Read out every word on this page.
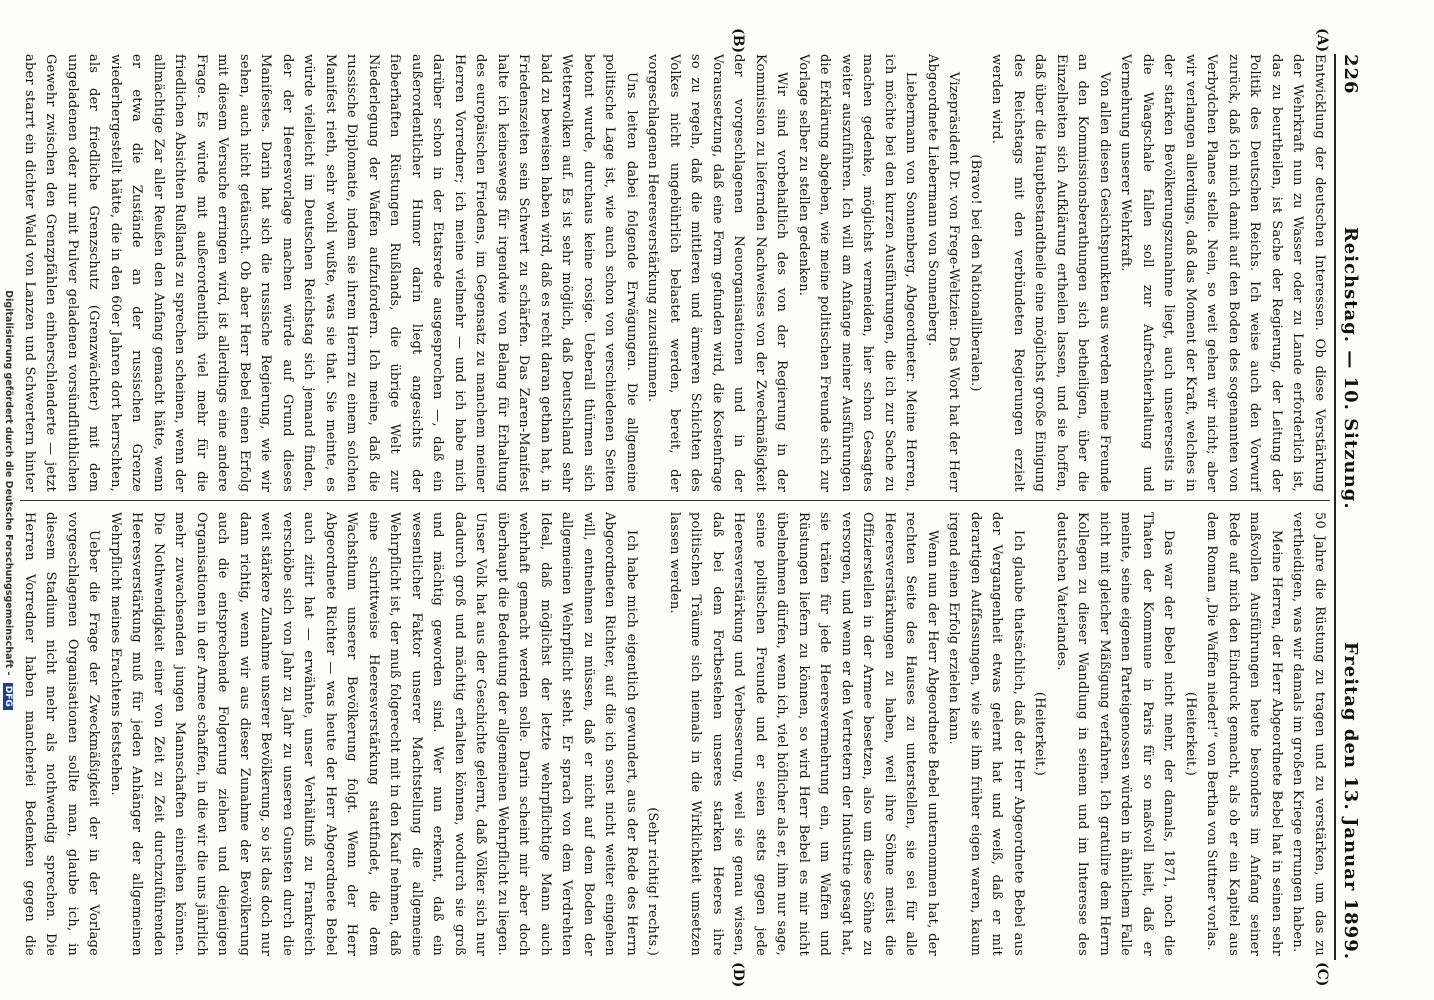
226
Reichstag. — 10. Sitzung.
Freitag den 13. Januar 1899.
(A)
(B)
(C)
(D)

Entwicklung der deutschen Interessen. Ob diese Verstärkung der Wehrkraft nun zu Wasser oder zu Lande erforderlich ist, das zu beurtheilen, ist Sache der Regierung, der Leitung der Politik des Deutschen Reichs. Ich weise auch den Vorwurf zurück, daß ich mich damit auf den Boden des sogenannten von Verbydchen Planes stelle. Nein, so weit gehen wir nicht; aber wir verlangen allerdings, daß das Moment der Kraft, welches in der starken Bevölkerungszunahme liegt, auch unsererseits in die Waagschale fallen soll zur Aufrechterhaltung und Vermehrung unserer Wehrkraft.

Von allen diesen Gesichtspunkten aus werden meine Freunde an den Kommissionsberathungen sich betheiligen, über die Einzelheiten sich Aufklärung ertheilen lassen, und sie hoffen, daß über die Hauptbestandtheile eine möglichst große Einigung des Reichstags mit den verbündeten Regierungen erzielt werden wird.

(Bravo! bei den Nationalliberalen.)

Vizepräsident Dr. von Frege-Weltzien: Das Wort hat der Herr Abgeordnete Liebermann von Sonnenberg.

Liebermann von Sonnenberg, Abgeordneter: Meine Herren, ich möchte bei den kurzen Ausführungen, die ich zur Sache zu machen gedenke, möglichst vermeiden, hier schon Gesagtes weiter auszuführen. Ich will am Anfange meiner Ausführungen die Erklärung abgeben, wie meine politischen Freunde sich zur Vorlage selber zu stellen gedenken.

Wir sind vorbehaltlich des von der Regierung in der Kommission zu liefernden Nachweises von der Zweckmäßigkeit der vorgeschlagenen Neuorganisationen und in der Voraussetzung, daß eine Form gefunden wird, die Kostenfrage so zu regeln, daß die mittleren und ärmeren Schichten des Volkes nicht ungebührlich belastet werden, bereit, der vorgeschlagenen Heeresverstärkung zuzustimmen.

Uns leiten dabei folgende Erwägungen. Die allgemeine politische Lage ist, wie auch schon von verschiedenen Seiten betont wurde, durchaus keine rosige. Ueberall thürmen sich Wetterwolken auf. Es ist sehr möglich, daß Deutschland sehr bald zu beweisen haben wird, daß es recht daran gethan hat, in Friedenszeiten sein Schwert zu schärfen. Das Zaren-Manifest halte ich keineswegs für irgendwie von Belang für Erhaltung des europäischen Friedens, im Gegensatz zu manchem meiner Herren Vorredner; ich meine vielmehr — und ich habe mich darüber schon in der Etatsrede ausgesprochen —, daß ein außerordentlicher Humor darin liegt angesichts der fieberhaften Rüstungen Rußlands, die übrige Welt zur Niederlegung der Waffen aufzufordern. Ich meine, daß die russische Diplomatie, indem sie ihrem Herrn zu einem solchen Manifest rieth, sehr wohl wußte, was sie that. Sie meinte, es würde vielleicht im Deutschen Reichstag sich jemand finden, der der Heeresvorlage machen würde auf Grund dieses Manifestes. Darin hat sich die russische Regierung, wie wir sehen, auch nicht getäuscht. Ob aber Herr Bebel einen Erfolg mit diesem Versuche erringen wird, ist allerdings eine andere Frage. Es würde mit außerordentlich viel mehr für die friedlichen Absichten Rußlands zu sprechen scheinen, wenn der allmächtige Zar aller Reußen den Anfang gemacht hätte, wenn er etwa die Zustände an der russischen Grenze wiederhergestellt hätte, die in den 60er Jahren dort herrschten, als der friedliche Grenzschutz (Grenzwächter) mit dem ungeladenen oder nur mit Pulver geladenen vorsündfluthlichen Gewehr zwischen den Grenzpfählen einherschlenderte — jetzt aber starrt ein dichter Wald von Lanzen und Schwertern hinter

50 Jahre die Rüstung zu tragen und zu verstärken, um das zu vertheidigen, was wir damals im großen Kriege errungen haben.

Meine Herren, der Herr Abgeordnete Bebel hat in seinen sehr maßvollen Ausführungen heute besonders im Anfang seiner Rede auf mich den Eindruck gemacht, als ob er ein Kapitel aus dem Roman „Die Waffen nieder!“ von Bertha von Suttner vorlas.

(Heiterkeit.)

Das war der Bebel nicht mehr, der damals, 1871, noch die Thaten der Kommune in Paris für so maßvoll hielt, daß er meinte, seine eigenen Parteigenossen würden in ähnlichem Falle nicht mit gleicher Mäßigung verfahren. Ich gratulire dem Herrn Kollegen zu dieser Wandlung in seinem und im Interesse des deutschen Vaterlandes.

(Heiterkeit.)

Ich glaube thatsächlich, daß der Herr Abgeordnete Bebel aus der Vergangenheit etwas gelernt hat und weiß, daß er mit derartigen Auffassungen, wie sie ihm früher eigen waren, kaum irgend einen Erfolg erzielen kann.

Wenn nun der Herr Abgeordnete Bebel unternommen hat, der rechten Seite des Hauses zu unterstellen, sie sei für alle Heeresverstärkungen zu haben, weil ihre Söhne meist die Offizierstellen in der Armee besetzen, also um diese Söhne zu versorgen, und wenn er den Vertretern der Industrie gesagt hat, sie träten für jede Heeresvermehrung ein, um Waffen und Rüstungen liefern zu können, so wird Herr Bebel es mir nicht übelnehmen dürfen, wenn ich, viel höflicher als er, ihm nur sage, seine politischen Freunde und er seien stets gegen jede Heeresverstärkung und Verbesserung, weil sie genau wissen, daß bei dem Fortbestehen unseres starken Heeres ihre politischen Träume sich niemals in die Wirklichkeit umsetzen lassen werden.

(Sehr richtig! rechts.)

Ich habe mich eigentlich gewundert, aus der Rede des Herrn Abgeordneten Richter, auf die ich sonst nicht weiter eingehen will, entnehmen zu müssen, daß er nicht auf dem Boden der allgemeinen Wehrpflicht steht. Er sprach von dem Verdrehten Ideal, daß möglichst der letzte wehrpflichtige Mann auch wehrhaft gemacht werden solle. Darin scheint mir aber doch überhaupt die Bedeutung der allgemeinen Wehrpflicht zu liegen. Unser Volk hat aus der Geschichte gelernt, daß Völker sich nur dadurch groß und mächtig erhalten können, wodurch sie groß und mächtig geworden sind. Wer nun erkennt, daß ein wesentlicher Faktor unserer Machtstellung die allgemeine Wehrpflicht ist, der muß folgerecht mit in den Kauf nehmen, daß eine schrittweise Heeresverstärkung stattfindet, die dem Wachsthum unserer Bevölkerung folgt. Wenn der Herr Abgeordnete Richter — was heute der Herr Abgeordnete Bebel auch zitirt hat — erwähnte, unser Verhältniß zu Frankreich verschöbe sich von Jahr zu Jahr zu unseren Gunsten durch die weit stärkere Zunahme unserer Bevölkerung, so ist das doch nur dann richtig, wenn wir aus dieser Zunahme der Bevölkerung auch die entsprechende Folgerung ziehen und diejenigen Organisationen in der Armee schaffen, in die wir die uns jährlich mehr zuwachsenden jungen Mannschaften einreihen können. Die Nothwendigkeit einer von Zeit zu Zeit durchzuführenden Heeresverstärkung muß für jeden Anhänger der allgemeinen Wehrpflicht meines Erachtens feststehen.

Ueber die Frage der Zweckmäßigkeit der in der Vorlage vorgeschlagenen Organisationen sollte man, glaube ich, in diesem Stadium nicht mehr als nothwendig sprechen. Die Herren Vorredner haben mancherlei Bedenken gegen die

Digitalisierung gefördert durch die Deutsche Forschungsgemeinschaft - DFG
